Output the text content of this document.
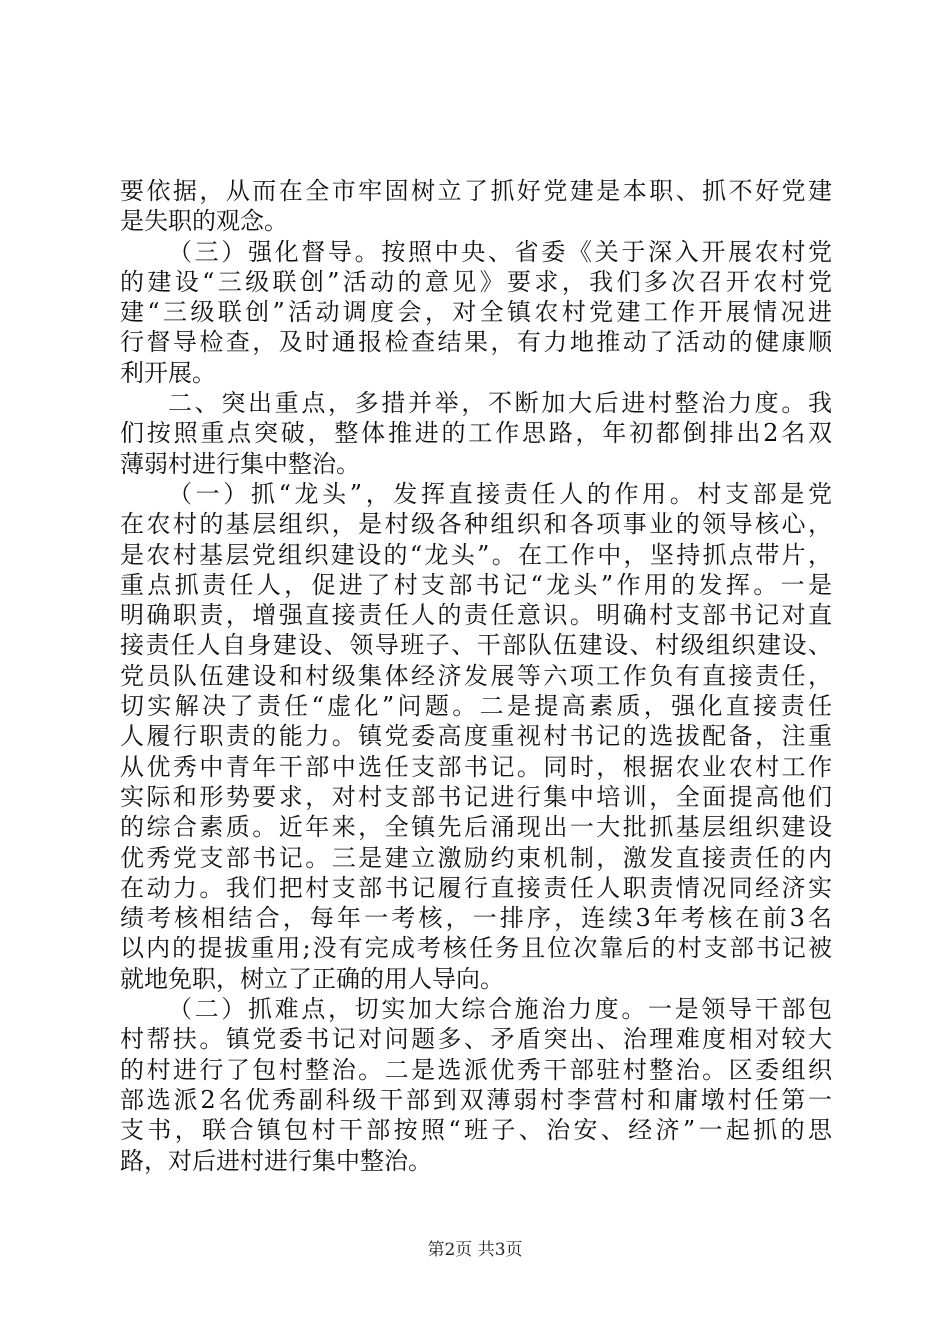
要依据，从而在全市牢固树立了抓好党建是本职、抓不好党建
是失职的观念。
（三）强化督导。按照中央、省委《关于深入开展农村党
的建设“三级联创”活动的意见》要求，我们多次召开农村党
建“三级联创”活动调度会，对全镇农村党建工作开展情况进
行督导检查，及时通报检查结果，有力地推动了活动的健康顺
利开展。
二、突出重点，多措并举，不断加大后进村整治力度。我
们按照重点突破，整体推进的工作思路，年初都倒排出2名双
薄弱村进行集中整治。
（一）抓“龙头”，发挥直接责任人的作用。村支部是党
在农村的基层组织，是村级各种组织和各项事业的领导核心，
是农村基层党组织建设的“龙头”。在工作中，坚持抓点带片，
重点抓责任人，促进了村支部书记“龙头”作用的发挥。一是
明确职责，增强直接责任人的责任意识。明确村支部书记对直
接责任人自身建设、领导班子、干部队伍建设、村级组织建设、
党员队伍建设和村级集体经济发展等六项工作负有直接责任，
切实解决了责任“虚化”问题。二是提高素质，强化直接责任
人履行职责的能力。镇党委高度重视村书记的选拔配备，注重
从优秀中青年干部中选任支部书记。同时，根据农业农村工作
实际和形势要求，对村支部书记进行集中培训，全面提高他们
的综合素质。近年来，全镇先后涌现出一大批抓基层组织建设
优秀党支部书记。三是建立激励约束机制，激发直接责任的内
在动力。我们把村支部书记履行直接责任人职责情况同经济实
绩考核相结合，每年一考核，一排序，连续3年考核在前3名
以内的提拔重用;没有完成考核任务且位次靠后的村支部书记被
就地免职，树立了正确的用人导向。
（二）抓难点，切实加大综合施治力度。一是领导干部包
村帮扶。镇党委书记对问题多、矛盾突出、治理难度相对较大
的村进行了包村整治。二是选派优秀干部驻村整治。区委组织
部选派2名优秀副科级干部到双薄弱村李营村和庸墩村任第一
支书，联合镇包村干部按照“班子、治安、经济”一起抓的思
路，对后进村进行集中整治。
第2页 共3页
